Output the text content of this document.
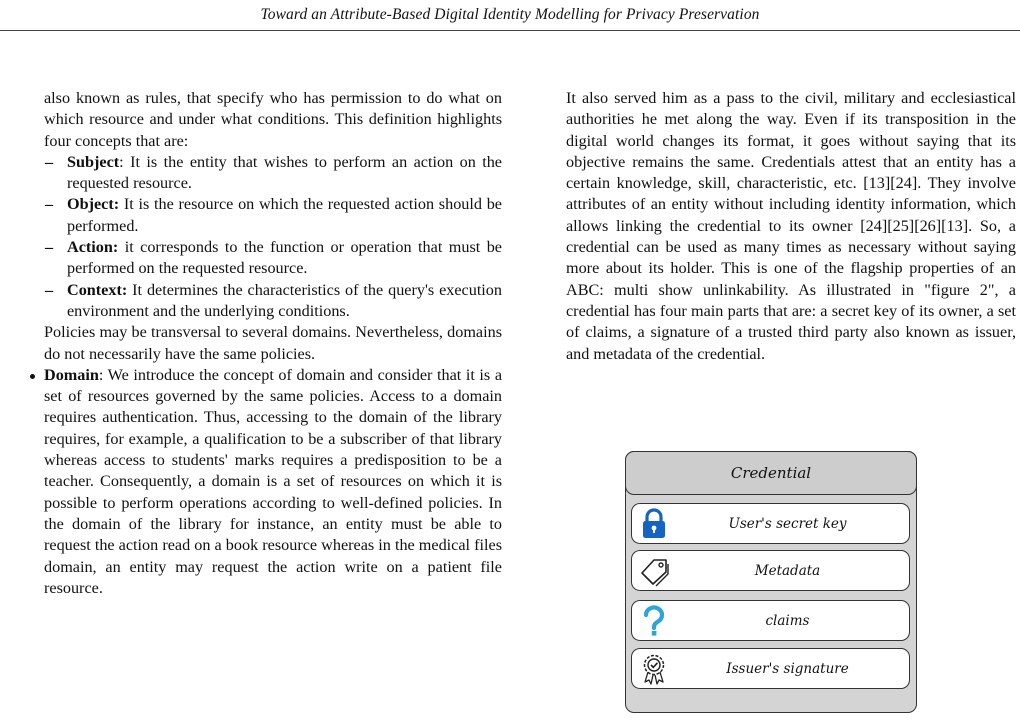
Toward an Attribute-Based Digital Identity Modelling for Privacy Preservation

also known as rules, that specify who has permission to do what on which resource and under what conditions. This definition highlights four concepts that are:

– Subject: It is the entity that wishes to perform an action on the requested resource.
– Object: It is the resource on which the requested action should be performed.
– Action: it corresponds to the function or operation that must be performed on the requested resource.
– Context: It determines the characteristics of the query's execution environment and the underlying conditions.

Policies may be transversal to several domains. Nevertheless, domains do not necessarily have the same policies.

Domain: We introduce the concept of domain and consider that it is a set of resources governed by the same policies. Access to a domain requires authentication. Thus, accessing to the domain of the library requires, for example, a qualification to be a subscriber of that library whereas access to students' marks requires a predisposition to be a teacher. Consequently, a domain is a set of resources on which it is possible to perform operations according to well-defined policies. In the domain of the library for instance, an entity must be able to request the action read on a book resource whereas in the medical files domain, an entity may request the action write on a patient file resource.

It also served him as a pass to the civil, military and ecclesiastical authorities he met along the way. Even if its transposition in the digital world changes its format, it goes without saying that its objective remains the same. Credentials attest that an entity has a certain knowledge, skill, characteristic, etc. [13][24]. They involve attributes of an entity without including identity information, which allows linking the credential to its owner [24][25][26][13]. So, a credential can be used as many times as necessary without saying more about its holder. This is one of the flagship properties of an ABC: multi show unlinkability. As illustrated in "figure 2", a credential has four main parts that are: a secret key of its owner, a set of claims, a signature of a trusted third party also known as issuer, and metadata of the credential.

Credential
User's secret key
Metadata
claims
Issuer's signature
